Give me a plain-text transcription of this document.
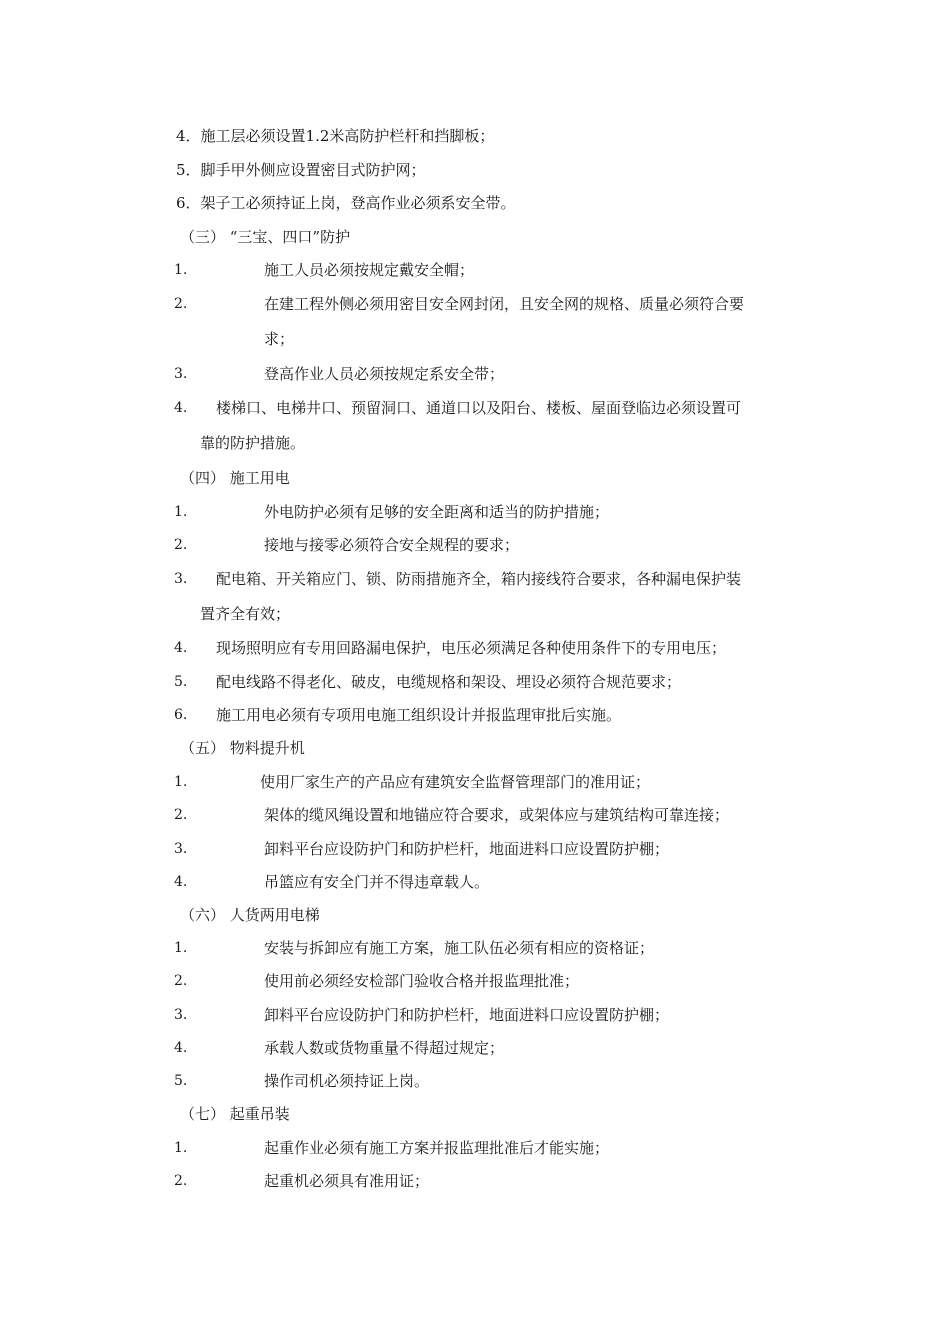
4．施工层必须设置1.2米高防护栏杆和挡脚板；
5．脚手甲外侧应设置密目式防护网；
6．架子工必须持证上岗，登高作业必须系安全带。
（三） “三宝、四口”防护
1.	施工人员必须按规定戴安全帽；
2.	在建工程外侧必须用密目安全网封闭，且安全网的规格、质量必须符合要
求；
3.	登高作业人员必须按规定系安全带；
4. 楼梯口、电梯井口、预留洞口、通道口以及阳台、楼板、屋面登临边必须设置可
靠的防护措施。
（四） 施工用电
1.	外电防护必须有足够的安全距离和适当的防护措施；
2.	接地与接零必须符合安全规程的要求；
3. 配电箱、开关箱应门、锁、防雨措施齐全，箱内接线符合要求，各种漏电保护装
置齐全有效；
4. 现场照明应有专用回路漏电保护，电压必须满足各种使用条件下的专用电压；
5. 配电线路不得老化、破皮，电缆规格和架设、埋设必须符合规范要求；
6. 施工用电必须有专项用电施工组织设计并报监理审批后实施。
（五） 物料提升机
1.	使用厂家生产的产品应有建筑安全监督管理部门的准用证；
2.	架体的缆风绳设置和地锚应符合要求，或架体应与建筑结构可靠连接；
3.	卸料平台应设防护门和防护栏杆，地面进料口应设置防护棚；
4.	吊篮应有安全门并不得违章载人。
（六） 人货两用电梯
1.	安装与拆卸应有施工方案，施工队伍必须有相应的资格证；
2.	使用前必须经安检部门验收合格并报监理批准；
3.	卸料平台应设防护门和防护栏杆，地面进料口应设置防护棚；
4.	承载人数或货物重量不得超过规定；
5.	操作司机必须持证上岗。
（七） 起重吊装
1.	起重作业必须有施工方案并报监理批准后才能实施；
2.	起重机必须具有准用证；
